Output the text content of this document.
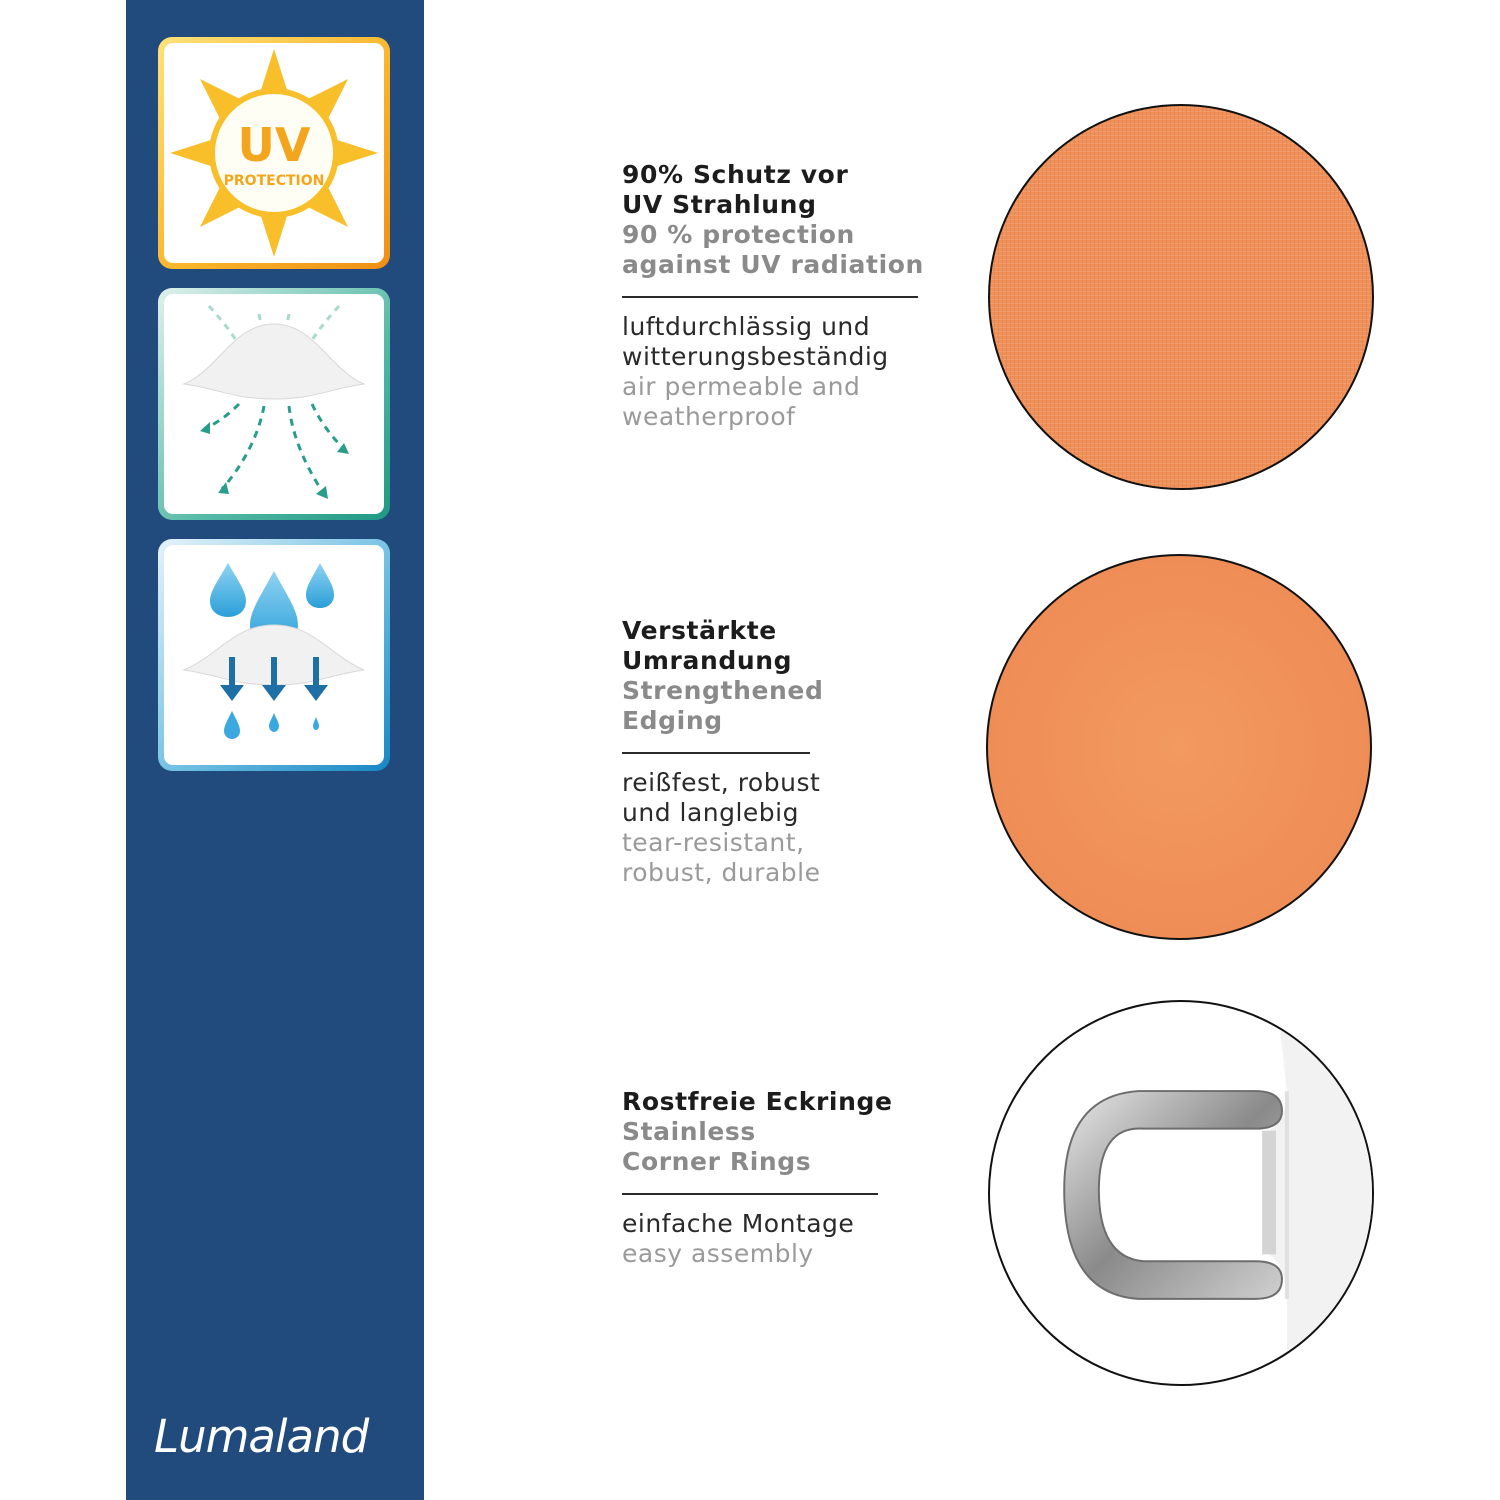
UV
PROTECTION
Lumaland
90% Schutz vor
UV Strahlung
90 % protection
against UV radiation
luftdurchlässig und
witterungsbeständig
air permeable and
weatherproof
Verstärkte
Umrandung
Strengthened
Edging
reißfest, robust
und langlebig
tear-resistant,
robust, durable
Rostfreie Eckringe
Stainless
Corner Rings
einfache Montage
easy assembly
